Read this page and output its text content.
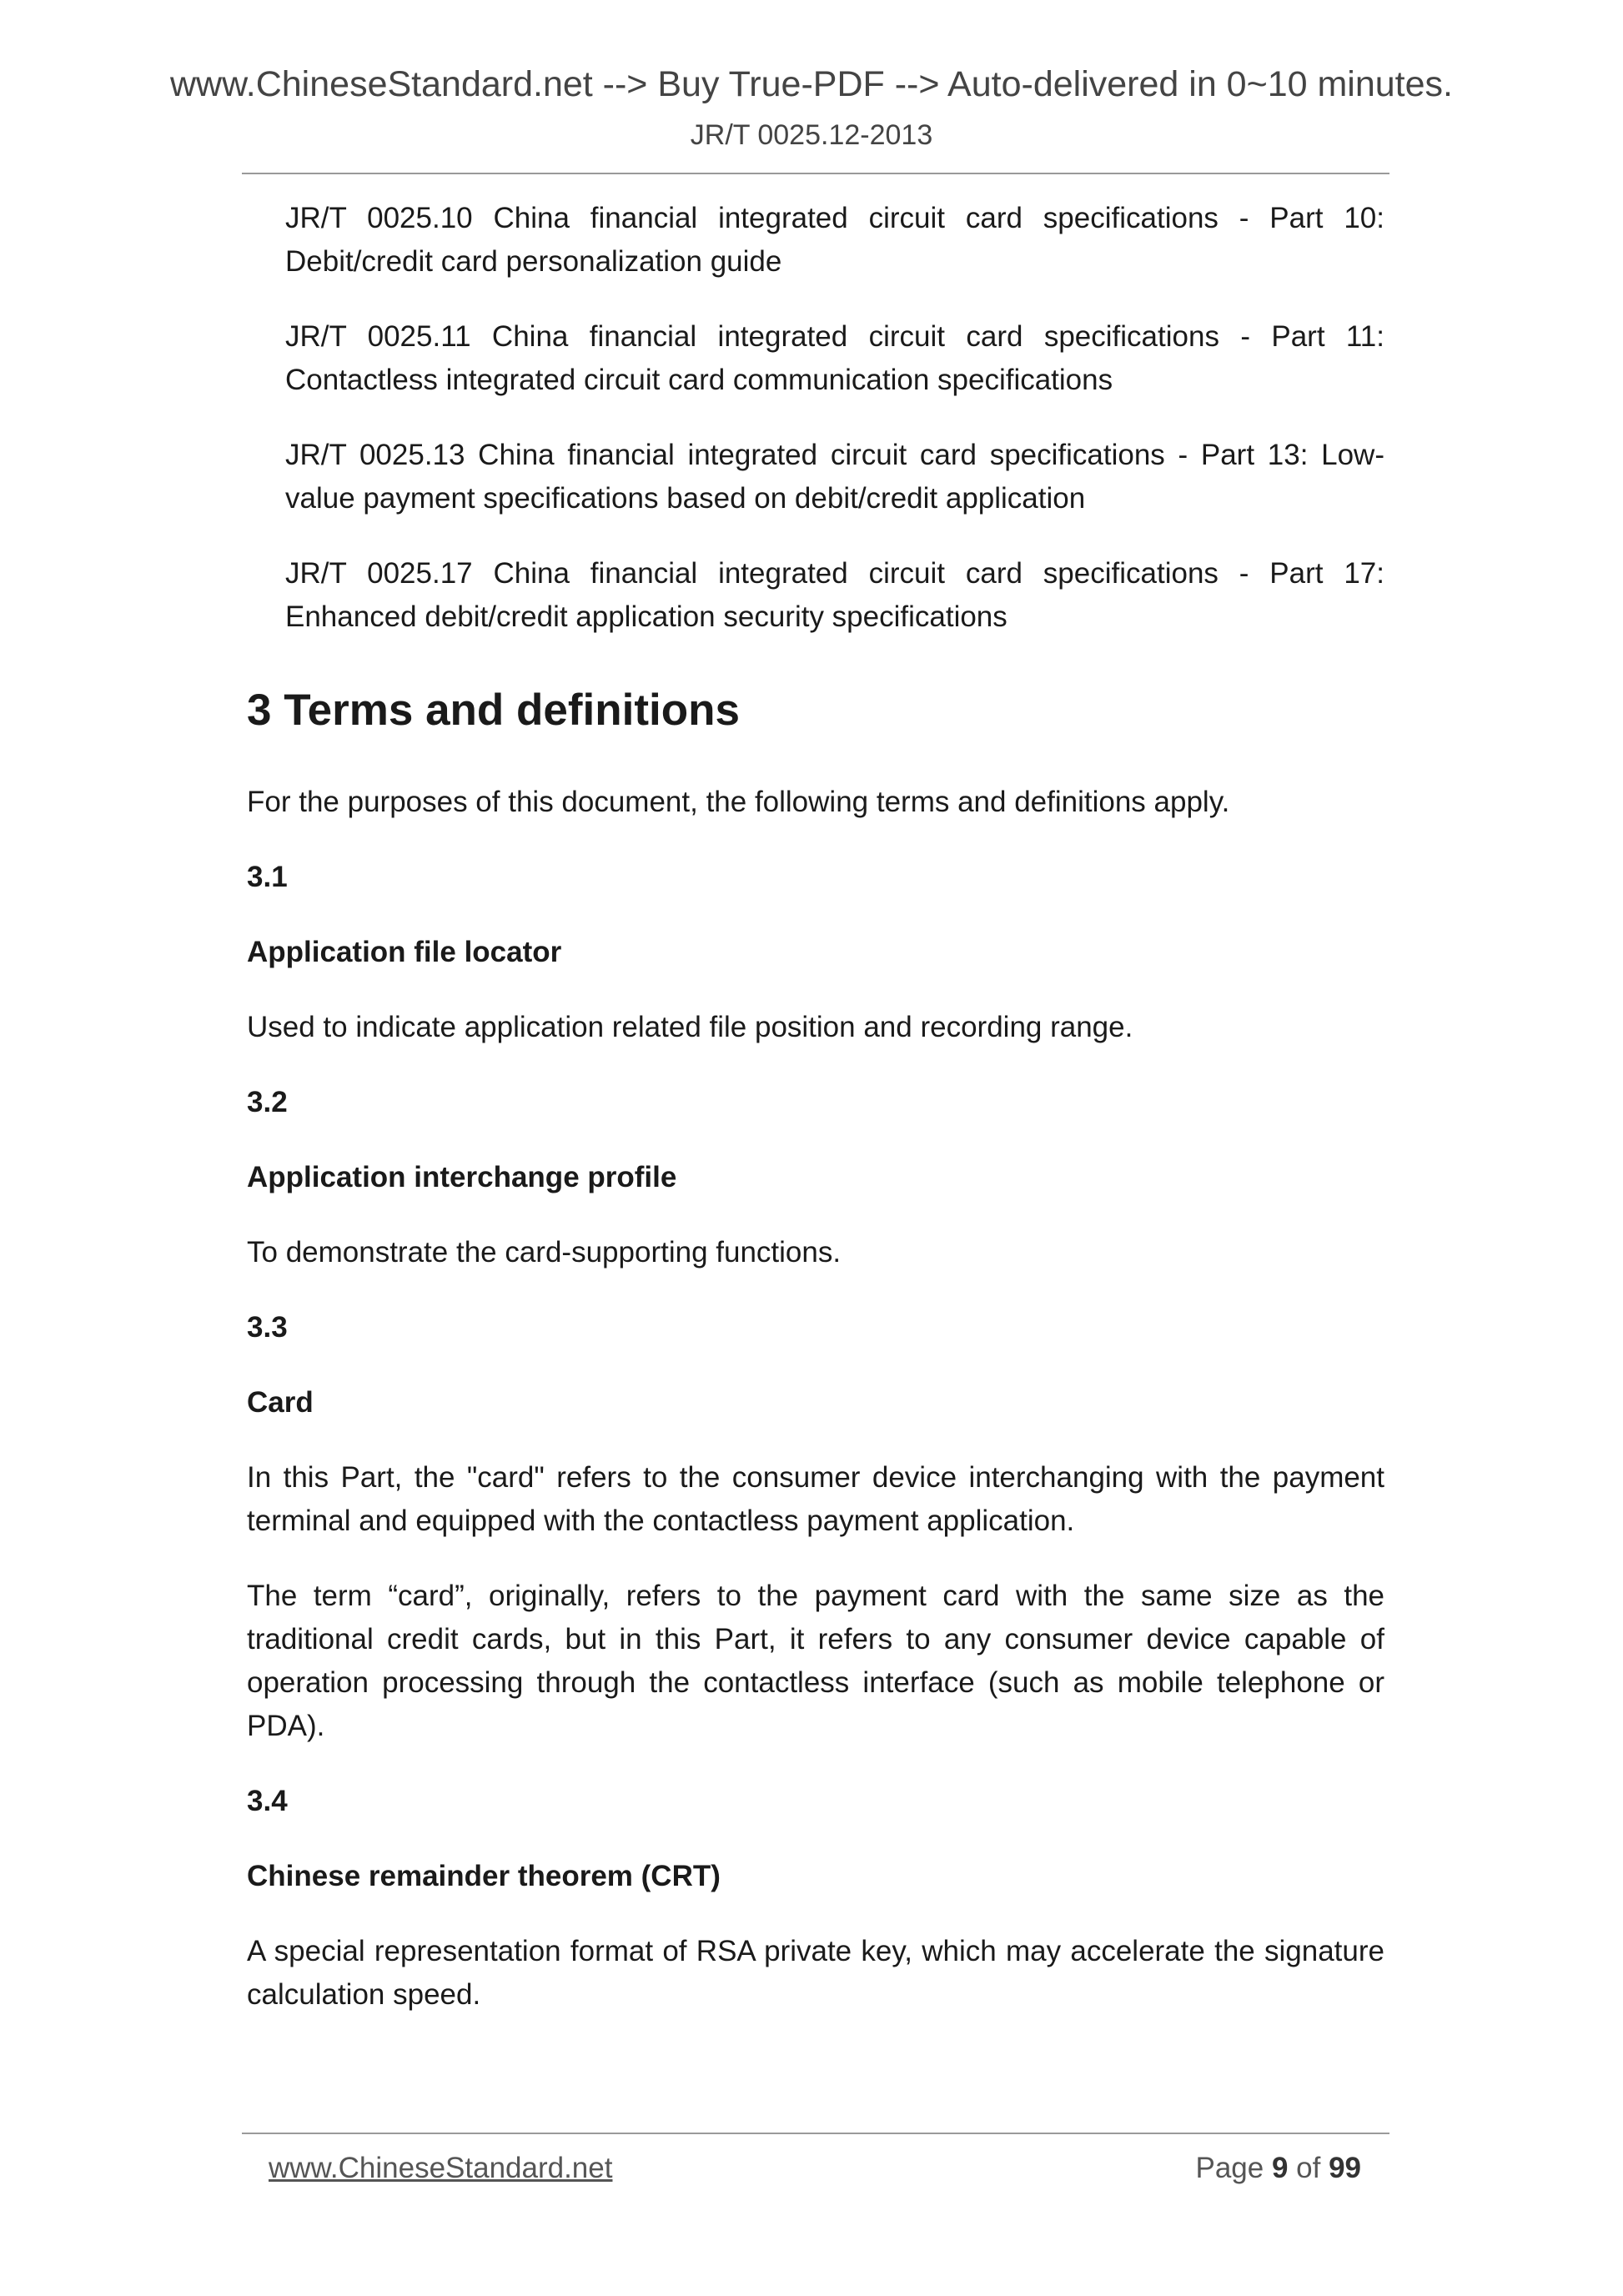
www.ChineseStandard.net --> Buy True-PDF --> Auto-delivered in 0~10 minutes.
JR/T 0025.12-2013
JR/T 0025.10 China financial integrated circuit card specifications - Part 10: Debit/credit card personalization guide
JR/T 0025.11 China financial integrated circuit card specifications - Part 11: Contactless integrated circuit card communication specifications
JR/T 0025.13 China financial integrated circuit card specifications - Part 13: Low-value payment specifications based on debit/credit application
JR/T 0025.17 China financial integrated circuit card specifications - Part 17: Enhanced debit/credit application security specifications
3 Terms and definitions
For the purposes of this document, the following terms and definitions apply.
3.1
Application file locator
Used to indicate application related file position and recording range.
3.2
Application interchange profile
To demonstrate the card-supporting functions.
3.3
Card
In this Part, the "card" refers to the consumer device interchanging with the payment terminal and equipped with the contactless payment application.
The term “card”, originally, refers to the payment card with the same size as the traditional credit cards, but in this Part, it refers to any consumer device capable of operation processing through the contactless interface (such as mobile telephone or PDA).
3.4
Chinese remainder theorem (CRT)
A special representation format of RSA private key, which may accelerate the signature calculation speed.
www.ChineseStandard.net	Page 9 of 99
